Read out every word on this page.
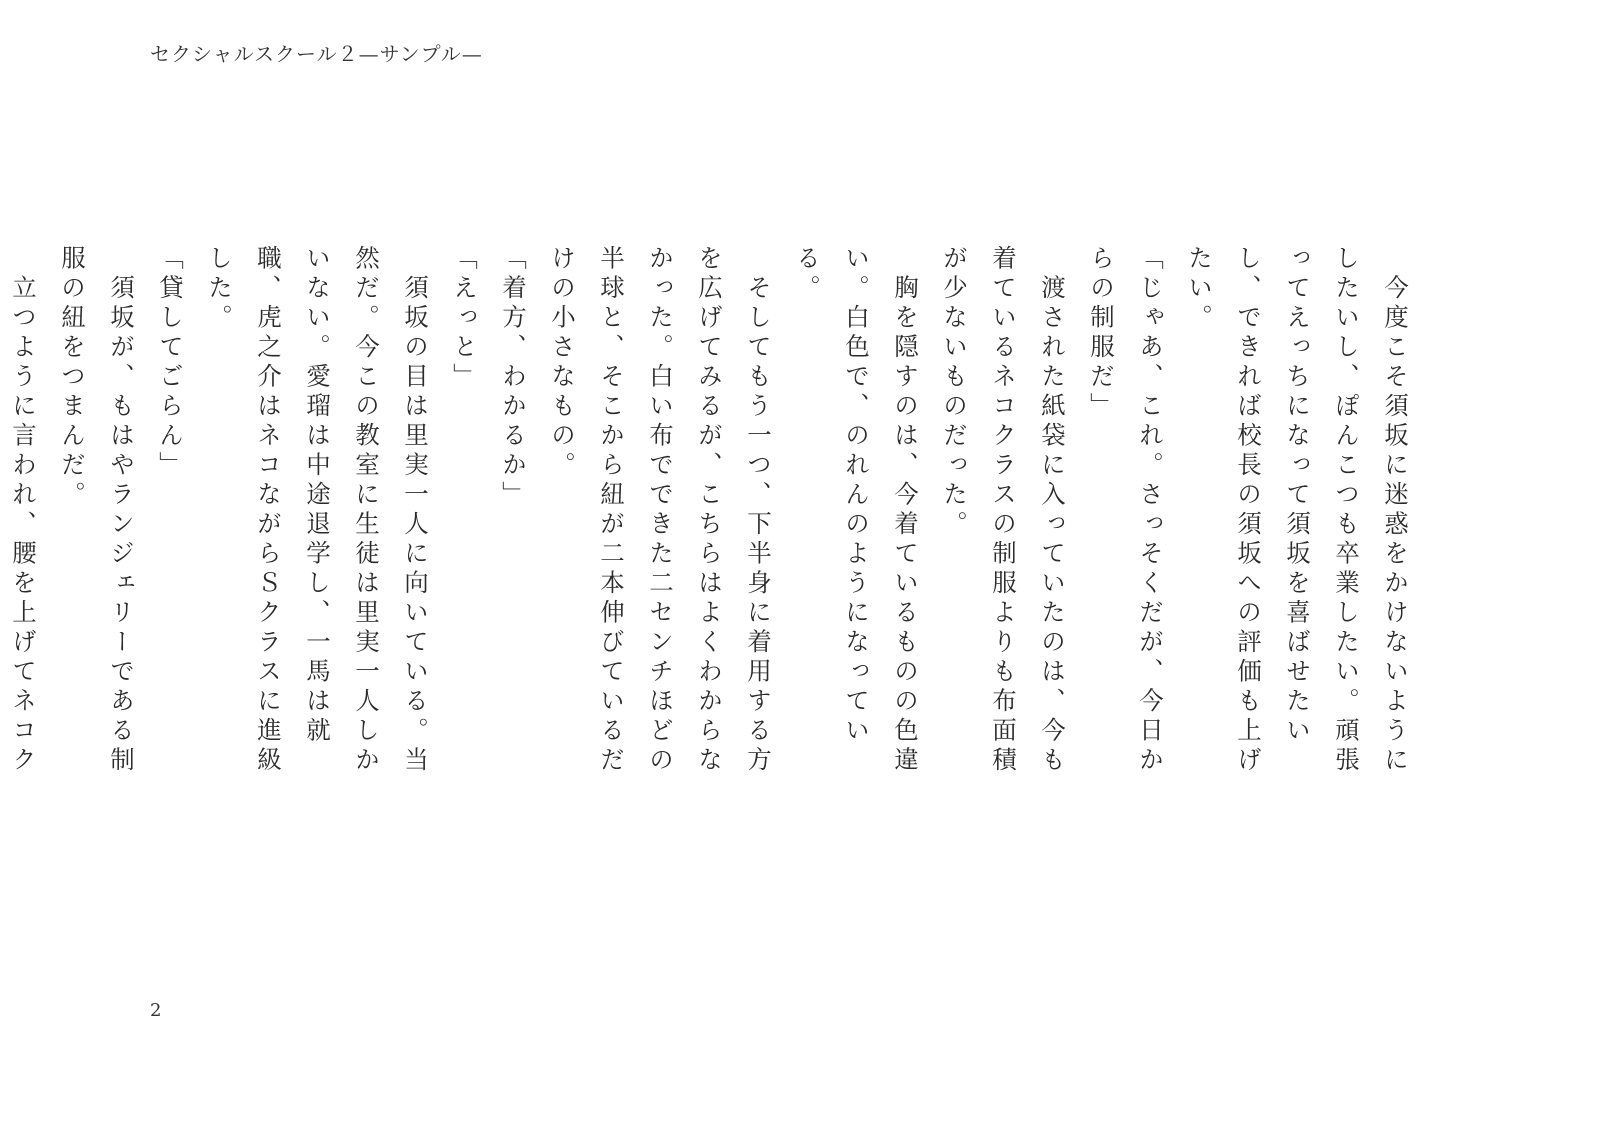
セクシャルスクール２—サンプル—

　今度こそ須坂に迷惑をかけないようにしたいし、ぽんこつも卒業したい。頑張ってえっちになって須坂を喜ばせたいし、できれば校長の須坂への評価も上げたい。

「じゃあ、これ。さっそくだが、今日からの制服だ」

　渡された紙袋に入っていたのは、今も着ているネコクラスの制服よりも布面積が少ないものだった。

　胸を隠すのは、今着ているものの色違い。白色で、のれんのようになっている。

　そしてもう一つ、下半身に着用する方を広げてみるが、こちらはよくわからなかった。白い布でできた二センチほどの半球と、そこから紐が二本伸びているだけの小さなもの。

「着方、わかるか」

「えっと」

　須坂の目は里実一人に向いている。当然だ。今この教室に生徒は里実一人しかいない。愛瑠は中途退学し、一馬は就職、虎之介はネコながらＳクラスに進級した。

「貸してごらん」

　須坂が、もはやランジェリーである制服の紐をつまんだ。

　立つように言われ、腰を上げてネコク

2
